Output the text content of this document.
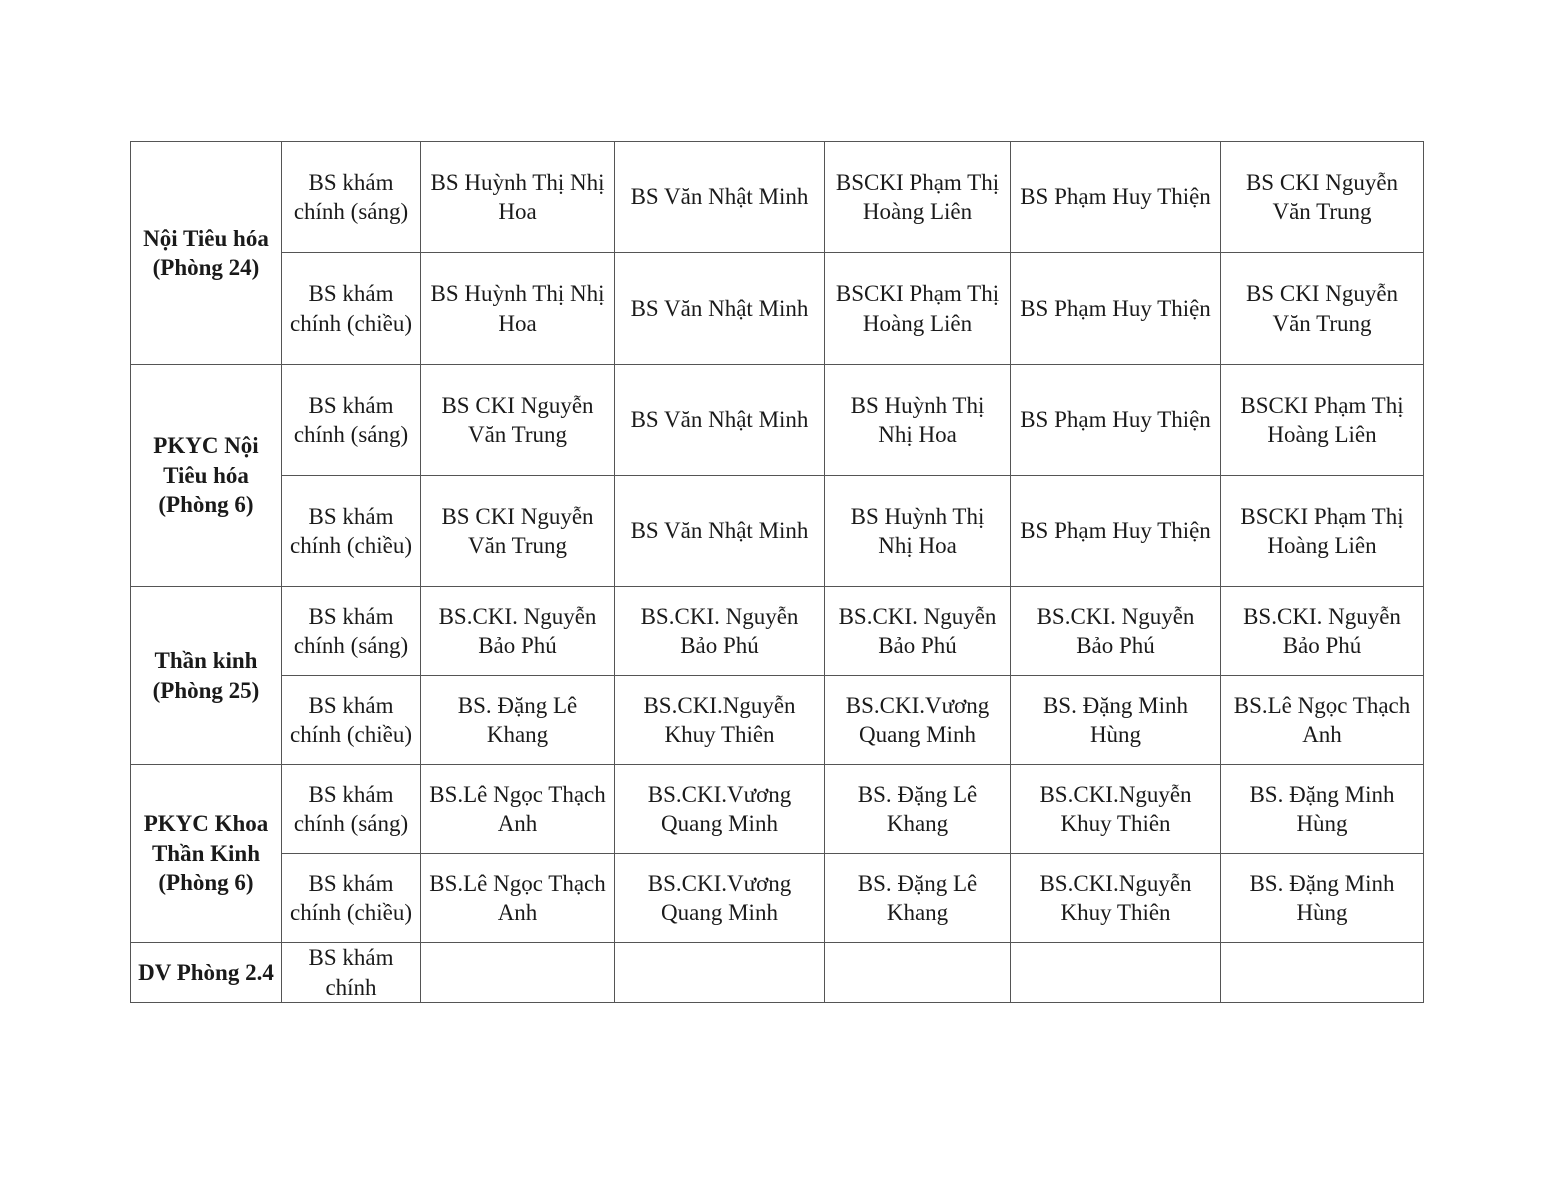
Nội Tiêu hóa (Phòng 24)	BS khám chính (sáng)	BS Huỳnh Thị Nhị Hoa	BS Văn Nhật Minh	BSCKI Phạm Thị Hoàng Liên	BS Phạm Huy Thiện	BS CKI Nguyễn Văn Trung
	BS khám chính (chiều)	BS Huỳnh Thị Nhị Hoa	BS Văn Nhật Minh	BSCKI Phạm Thị Hoàng Liên	BS Phạm Huy Thiện	BS CKI Nguyễn Văn Trung
PKYC Nội Tiêu hóa (Phòng 6)	BS khám chính (sáng)	BS CKI Nguyễn Văn Trung	BS Văn Nhật Minh	BS Huỳnh Thị Nhị Hoa	BS Phạm Huy Thiện	BSCKI Phạm Thị Hoàng Liên
	BS khám chính (chiều)	BS CKI Nguyễn Văn Trung	BS Văn Nhật Minh	BS Huỳnh Thị Nhị Hoa	BS Phạm Huy Thiện	BSCKI Phạm Thị Hoàng Liên
Thần kinh (Phòng 25)	BS khám chính (sáng)	BS.CKI. Nguyễn Bảo Phú	BS.CKI. Nguyễn Bảo Phú	BS.CKI. Nguyễn Bảo Phú	BS.CKI. Nguyễn Bảo Phú	BS.CKI. Nguyễn Bảo Phú
	BS khám chính (chiều)	BS. Đặng Lê Khang	BS.CKI.Nguyễn Khuy Thiên	BS.CKI.Vương Quang Minh	BS. Đặng Minh Hùng	BS.Lê Ngọc Thạch Anh
PKYC Khoa Thần Kinh (Phòng 6)	BS khám chính (sáng)	BS.Lê Ngọc Thạch Anh	BS.CKI.Vương Quang Minh	BS. Đặng Lê Khang	BS.CKI.Nguyễn Khuy Thiên	BS. Đặng Minh Hùng
	BS khám chính (chiều)	BS.Lê Ngọc Thạch Anh	BS.CKI.Vương Quang Minh	BS. Đặng Lê Khang	BS.CKI.Nguyễn Khuy Thiên	BS. Đặng Minh Hùng
DV Phòng 2.4	BS khám chính					
